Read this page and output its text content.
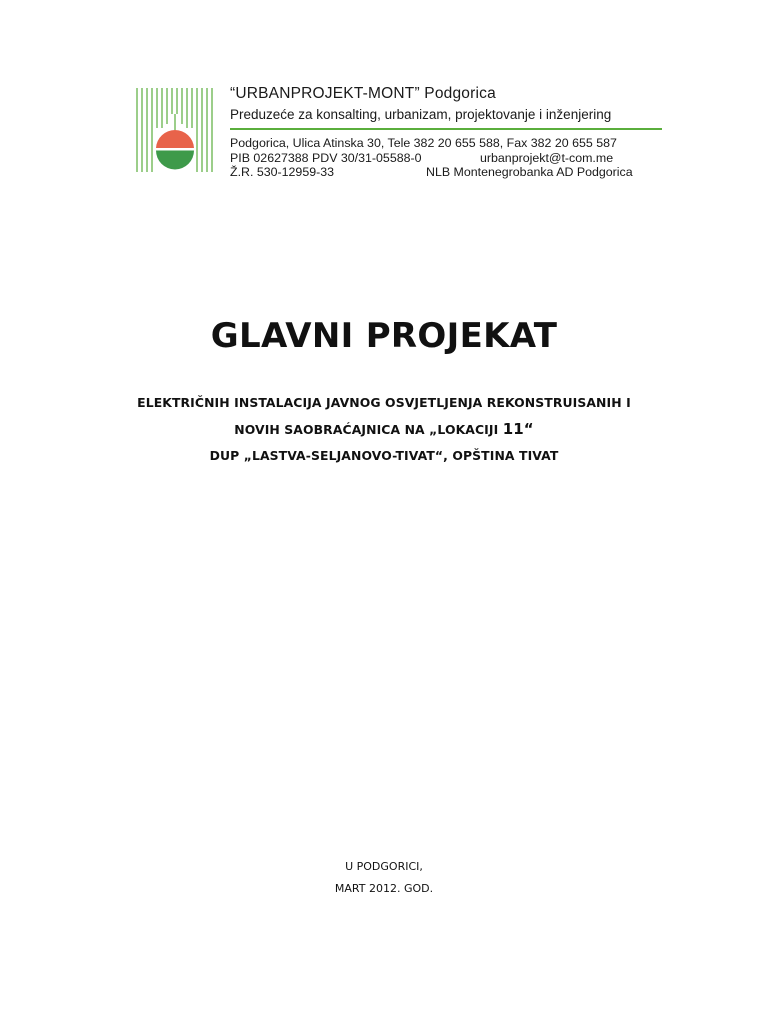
“URBANPROJEKT-MONT” Podgorica
Preduzeće za konsalting, urbanizam, projektovanje i inženjering
Podgorica, Ulica Atinska 30, Tele 382 20 655 588, Fax 382 20 655 587
PIB 02627388 PDV 30/31-05588-0	urbanprojekt@t-com.me
Ž.R. 530-12959-33	NLB Montenegrobanka AD Podgorica
GLAVNI PROJEKAT
ELEKTRIČNIH INSTALACIJA JAVNOG OSVJETLJENJA REKONSTRUISANIH I
NOVIH SAOBRAĆAJNICA NA „LOKACIJI 11“
DUP „LASTVA-SELJANOVO-TIVAT“, OPŠTINA TIVAT
U PODGORICI,
MART 2012. GOD.
